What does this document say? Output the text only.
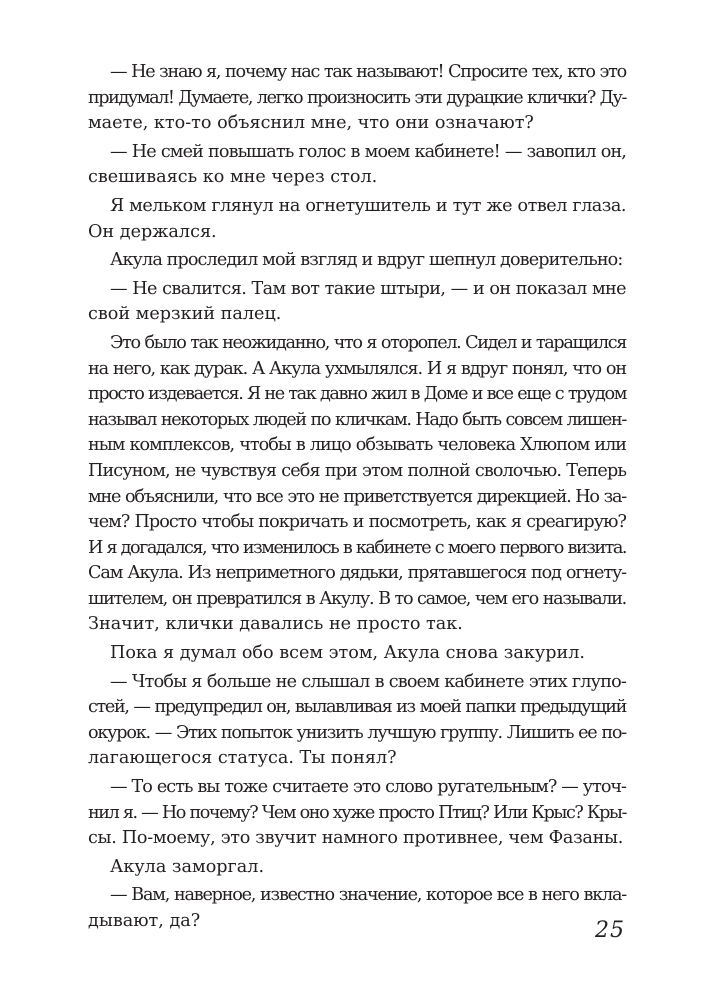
— Не знаю я, почему нас так называют! Спросите тех, кто это
придумал! Думаете, легко произносить эти дурацкие клички? Ду-
маете, кто-то объяснил мне, что они означают?

— Не смей повышать голос в моем кабинете! — завопил он,
свешиваясь ко мне через стол.

Я мельком глянул на огнетушитель и тут же отвел глаза.
Он держался.

Акула проследил мой взгляд и вдруг шепнул доверительно:

— Не свалится. Там вот такие штыри, — и он показал мне
свой мерзкий палец.

Это было так неожиданно, что я оторопел. Сидел и таращился
на него, как дурак. А Акула ухмылялся. И я вдруг понял, что он
просто издевается. Я не так давно жил в Доме и все еще с трудом
называл некоторых людей по кличкам. Надо быть совсем лишен-
ным комплексов, чтобы в лицо обзывать человека Хлюпом или
Писуном, не чувствуя себя при этом полной сволочью. Теперь
мне объяснили, что все это не приветствуется дирекцией. Но за-
чем? Просто чтобы покричать и посмотреть, как я среагирую?
И я догадался, что изменилось в кабинете с моего первого визита.
Сам Акула. Из неприметного дядьки, прятавшегося под огнету-
шителем, он превратился в Акулу. В то самое, чем его называли.
Значит, клички давались не просто так.

Пока я думал обо всем этом, Акула снова закурил.

— Чтобы я больше не слышал в своем кабинете этих глупо-
стей, — предупредил он, вылавливая из моей папки предыдущий
окурок. — Этих попыток унизить лучшую группу. Лишить ее по-
лагающегося статуса. Ты понял?

— То есть вы тоже считаете это слово ругательным? — уточ-
нил я. — Но почему? Чем оно хуже просто Птиц? Или Крыс? Кры-
сы. По-моему, это звучит намного противнее, чем Фазаны.

Акула заморгал.

— Вам, наверное, известно значение, которое все в него вкла-
дывают, да?	25
